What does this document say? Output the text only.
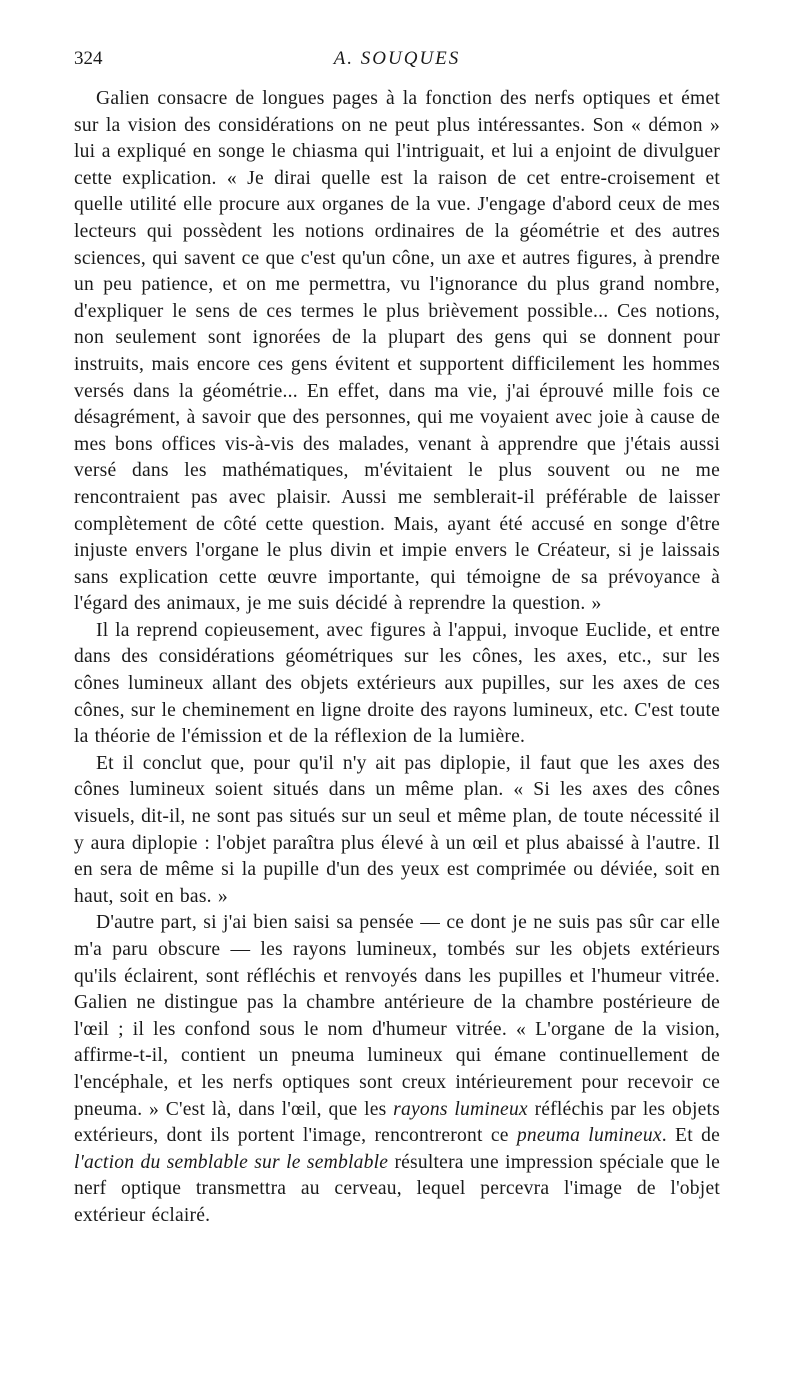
324	A. SOUQUES

Galien consacre de longues pages à la fonction des nerfs optiques et émet sur la vision des considérations on ne peut plus intéressantes. Son « démon » lui a expliqué en songe le chiasma qui l'intriguait, et lui a enjoint de divulguer cette explication. « Je dirai quelle est la raison de cet entre-croisement et quelle utilité elle procure aux organes de la vue. J'engage d'abord ceux de mes lecteurs qui possèdent les notions ordinaires de la géométrie et des autres sciences, qui savent ce que c'est qu'un cône, un axe et autres figures, à prendre un peu patience, et on me permettra, vu l'ignorance du plus grand nombre, d'expliquer le sens de ces termes le plus brièvement possible... Ces notions, non seulement sont ignorées de la plupart des gens qui se donnent pour instruits, mais encore ces gens évitent et supportent difficilement les hommes versés dans la géométrie... En effet, dans ma vie, j'ai éprouvé mille fois ce désagrément, à savoir que des personnes, qui me voyaient avec joie à cause de mes bons offices vis-à-vis des malades, venant à apprendre que j'étais aussi versé dans les mathématiques, m'évitaient le plus souvent ou ne me rencontraient pas avec plaisir. Aussi me semblerait-il préférable de laisser complètement de côté cette question. Mais, ayant été accusé en songe d'être injuste envers l'organe le plus divin et impie envers le Créateur, si je laissais sans explication cette œuvre importante, qui témoigne de sa prévoyance à l'égard des animaux, je me suis décidé à reprendre la question. »

Il la reprend copieusement, avec figures à l'appui, invoque Euclide, et entre dans des considérations géométriques sur les cônes, les axes, etc., sur les cônes lumineux allant des objets extérieurs aux pupilles, sur les axes de ces cônes, sur le cheminement en ligne droite des rayons lumineux, etc. C'est toute la théorie de l'émission et de la réflexion de la lumière.

Et il conclut que, pour qu'il n'y ait pas diplopie, il faut que les axes des cônes lumineux soient situés dans un même plan. « Si les axes des cônes visuels, dit-il, ne sont pas situés sur un seul et même plan, de toute nécessité il y aura diplopie : l'objet paraîtra plus élevé à un œil et plus abaissé à l'autre. Il en sera de même si la pupille d'un des yeux est comprimée ou déviée, soit en haut, soit en bas. »

D'autre part, si j'ai bien saisi sa pensée — ce dont je ne suis pas sûr car elle m'a paru obscure — les rayons lumineux, tombés sur les objets extérieurs qu'ils éclairent, sont réfléchis et renvoyés dans les pupilles et l'humeur vitrée. Galien ne distingue pas la chambre antérieure de la chambre postérieure de l'œil ; il les confond sous le nom d'humeur vitrée. « L'organe de la vision, affirme-t-il, contient un pneuma lumineux qui émane continuellement de l'encéphale, et les nerfs optiques sont creux intérieurement pour recevoir ce pneuma. » C'est là, dans l'œil, que les rayons lumineux réfléchis par les objets extérieurs, dont ils portent l'image, rencontreront ce pneuma lumineux. Et de l'action du semblable sur le semblable résultera une impression spéciale que le nerf optique transmettra au cerveau, lequel percevra l'image de l'objet extérieur éclairé.
